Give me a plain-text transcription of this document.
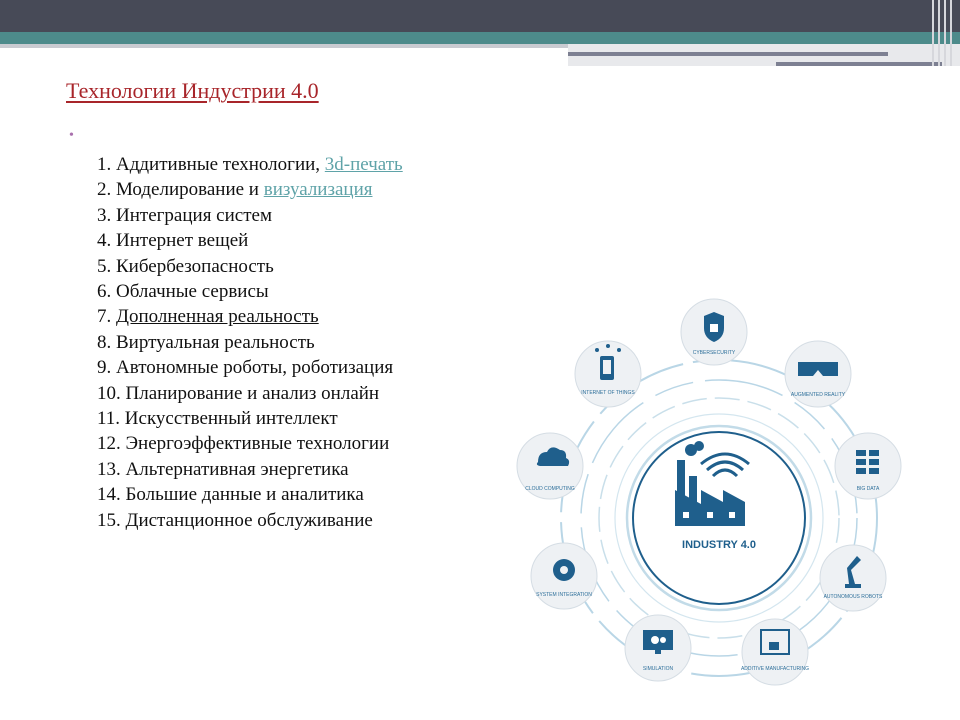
Технологии Индустрии 4.0
•
1. Аддитивные технологии, 3d-печать
2. Моделирование и визуализация
3. Интеграция систем
4. Интернет вещей
5. Кибербезопасность
6. Облачные сервисы
7. Дополненная реальность
8. Виртуальная реальность
9. Автономные роботы, роботизация
10. Планирование и анализ онлайн
11. Искусственный интеллект
12. Энергоэффективные технологии
13. Альтернативная энергетика
14. Большие данные и аналитика
15. Дистанционное обслуживание
INDUSTRY 4.0
CYBERSECURITY
AUGMENTED REALITY
BIG DATA
AUTONOMOUS ROBOTS
ADDITIVE MANUFACTURING
SIMULATION
SYSTEM INTEGRATION
CLOUD COMPUTING
INTERNET OF THINGS
